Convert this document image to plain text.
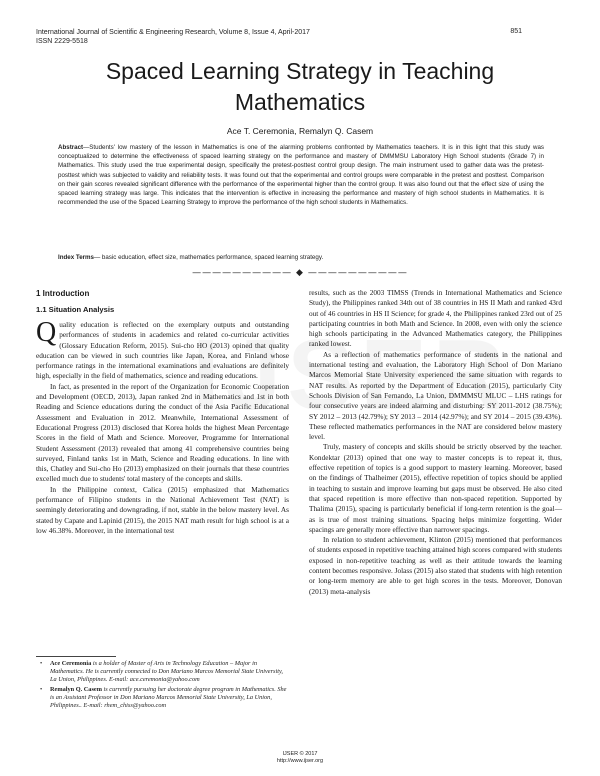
International Journal of Scientific & Engineering Research, Volume 8, Issue 4, April-2017
ISSN 2229-5518
851
Spaced Learning Strategy in Teaching Mathematics
Ace T. Ceremonia, Remalyn Q. Casem
Abstract—Students' low mastery of the lesson in Mathematics is one of the alarming problems confronted by Mathematics teachers. It is in this light that this study was conceptualized to determine the effectiveness of spaced learning strategy on the performance and mastery of DMMMSU Laboratory High School students (Grade 7) in Mathematics. This study used the true experimental design, specifically the pretest-posttest control group design. The main instrument used to gather data was the pretest-posttest which was subjected to validity and reliability tests. It was found out that the experimental and control groups were comparable in the pretest and posttest. Comparison on their gain scores revealed significant difference with the performance of the experimental higher than the control group. It was also found out that the effect size of using the spaced learning strategy was large. This indicates that the intervention is effective in increasing the performance and mastery of high school students in Mathematics. It is recommended the use of the Spaced Learning Strategy to improve the performance of the high school students in Mathematics.
Index Terms— basic education, effect size, mathematics performance, spaced learning strategy.
—————————— ◆ ——————————
1 Introduction
1.1 Situation Analysis

Quality education is reflected on the exemplary outputs and outstanding performances of students in academics and related co-curricular activities (Glossary Education Reform, 2015). Sui-cho HO (2013) opined that quality education can be viewed in such countries like Japan, Korea, and Finland whose performance ratings in the international examinations and evaluations are definitely high, especially in the field of mathematics, science and reading educations.

In fact, as presented in the report of the Organization for Economic Cooperation and Development (OECD, 2013), Japan ranked 2nd in Mathematics and 1st in both Reading and Science educations during the conduct of the Asia Pacific Educational Assessment and Evaluation in 2012. Meanwhile, International Assessment of Educational Progress (2013) disclosed that Korea holds the highest Mean Percentage Scores in the field of Math and Science. Moreover, Programme for International Student Assessment (2013) revealed that among 41 comprehensive countries being surveyed, Finland tanks 1st in Math, Science and Reading educations. In line with this, Chatley and Sui-cho Ho (2013) emphasized on their journals that these countries excelled much due to students' total mastery of the concepts and skills.

In the Philippine context, Calica (2015) emphasized that Mathematics performance of Filipino students in the National Achievement Test (NAT) is seemingly deteriorating and downgrading, if not, stable in the below mastery level. As stated by Capate and Lapinid (2015), the 2015 NAT math result for high school is at a low 46.38%. Moreover, in the international test

results, such as the 2003 TIMSS (Trends in International Mathematics and Science Study), the Philippines ranked 34th out of 38 countries in HS II Math and ranked 43rd out of 46 countries in HS II Science; for grade 4, the Philippines ranked 23rd out of 25 participating countries in both Math and Science. In 2008, even with only the science high schools participating in the Advanced Mathematics category, the Philippines ranked lowest.

As a reflection of mathematics performance of students in the national and international testing and evaluation, the Laboratory High School of Don Mariano Marcos Memorial State University experienced the same situation with regards to NAT results. As reported by the Department of Education (2015), particularly City Schools Division of San Fernando, La Union, DMMMSU MLUC – LHS ratings for four consecutive years are indeed alarming and disturbing: SY 2011-2012 (38.75%); SY 2012 – 2013 (42.79%); SY 2013 – 2014 (42.97%); and SY 2014 – 2015 (39.43%). These reflected mathematics performances in the NAT are considered below mastery level.

Truly, mastery of concepts and skills should be strictly observed by the teacher. Kondektar (2013) opined that one way to master concepts is to repeat it, thus, effective repetition of topics is a good support to mastery learning. Moreover, based on the findings of Thalheimer (2015), effective repetition of topics should be applied in teaching to sustain and improve learning but gaps must be observed. He also cited that spaced repetition is more effective than non-spaced repetition. Supported by Thalima (2015), spacing is particularly beneficial if long-term retention is the goal—as is true of most training situations. Spacing helps minimize forgetting. Wider spacings are generally more effective than narrower spacings.

In relation to student achievement, Klinton (2015) mentioned that performances of students exposed in repetitive teaching attained high scores compared with students exposed in non-repetitive teaching as well as their attitude towards the learning content becomes responsive. Jolass (2015) also stated that students with high retention or long-term memory are able to get high scores in the tests. Moreover, Donovan (2013) meta-analysis

• Ace Ceremonia is a holder of Master of Arts in Technology Education – Major in Mathematics. He is currently connected to Don Mariano Marcos Memorial State University, La Union, Philippines. E-mail: ace.ceremonia@yahoo.com
• Remalyn Q. Casem is currently pursuing her doctorate degree program in Mathematics. She is an Assistant Professor in Don Mariano Marcos Memorial State University, La Union, Philippines.. E-mail: rhem_chiss@yahoo.com
IJSER © 2017
http://www.ijser.org
